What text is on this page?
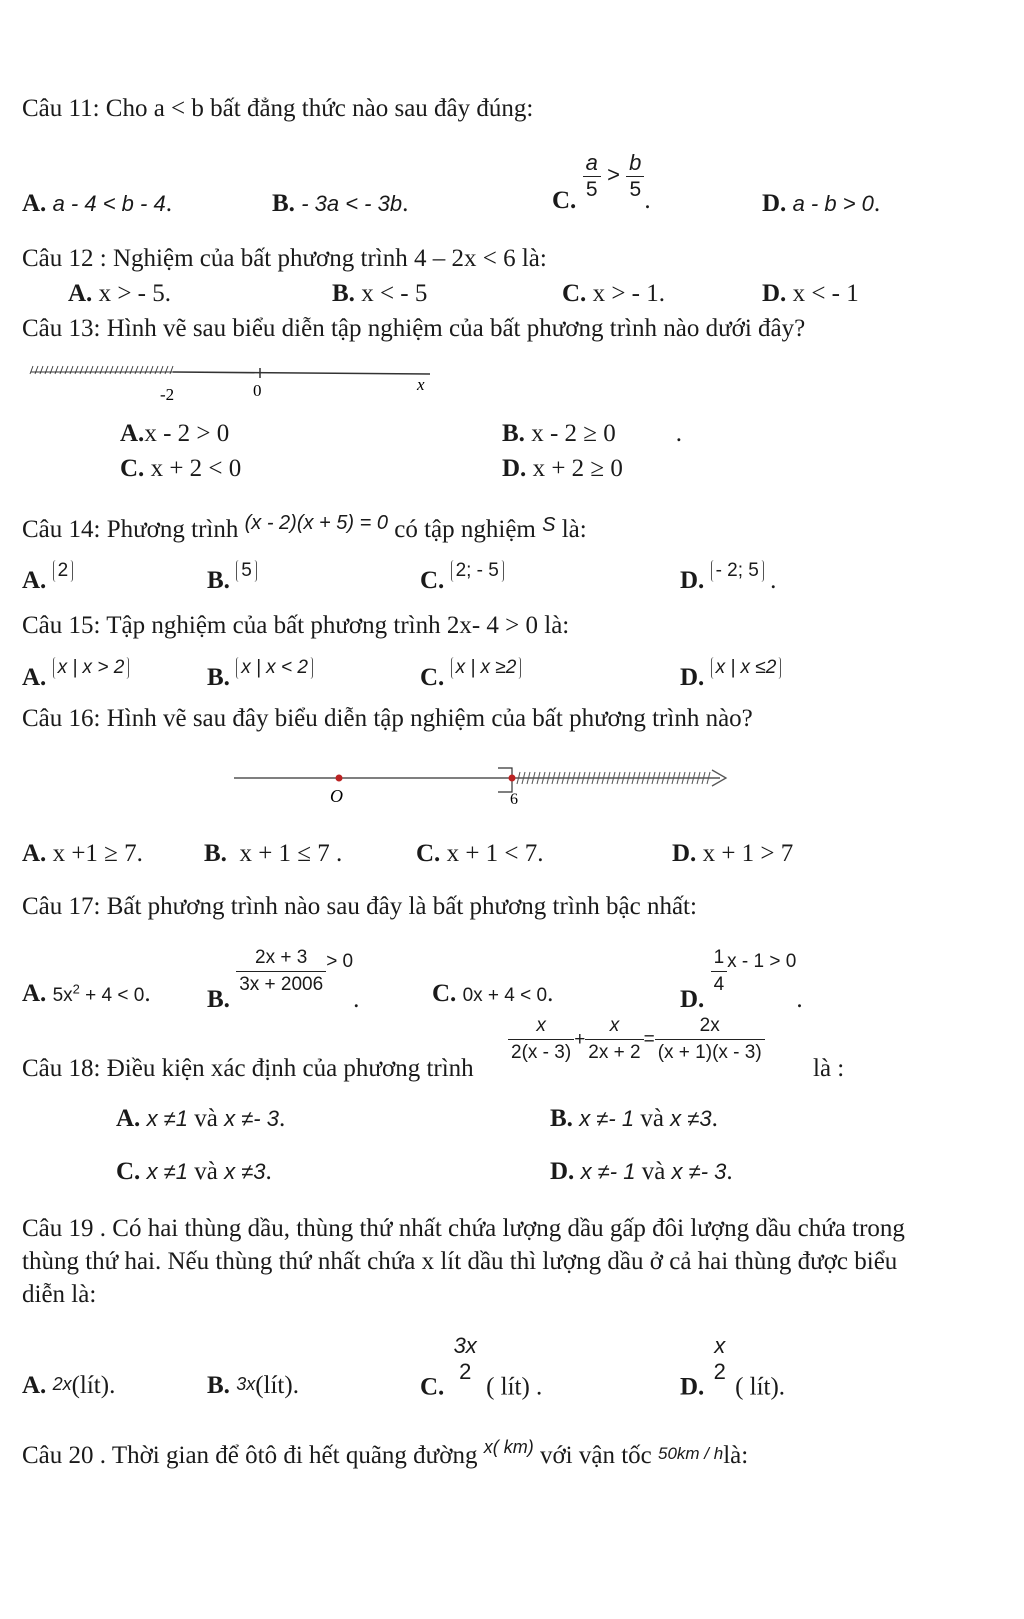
Câu 11: Cho a < b bất đẳng thức nào sau đây đúng:
A. a - 4 < b - 4.	B. - 3a < - 3b.	C. $\frac{a}{5} > \frac{b}{5}$ .	D. a - b > 0.
Câu 12 : Nghiệm của bất phương trình 4 – 2x < 6 là:
A. x > - 5.	B. x < - 5	C. x > - 1.	D. x < - 1
Câu 13: Hình vẽ sau biểu diễn tập nghiệm của bất phương trình nào dưới đây?
-2	0	x
A.x - 2 > 0	B. x - 2 ≥ 0 .
C. x + 2 < 0	D. x + 2 ≥ 0
Câu 14: Phương trình $^{(x - 2)(x + 5) = 0}$ có tập nghiệm $^S$ là:
A. 2	B. 5	C. 2; - 5	D. - 2; 5 .
Câu 15: Tập nghiệm của bất phương trình 2x- 4 > 0 là:
A. x | x > 2	B. x | x < 2	C. x | x ≥2	D. x | x ≤2
Câu 16: Hình vẽ sau đây biểu diễn tập nghiệm của bất phương trình nào?
O	6
A. x +1 ≥ 7. B. x + 1 ≤ 7 .	C. x + 1 < 7.	D. x + 1 > 7
Câu 17: Bất phương trình nào sau đây là bất phương trình bậc nhất:
A. $5x^2 + 4 < 0$. B.
$\frac{2x + 3}{3x + 2006} ^{> 0}$.	C. 0x + 4 < 0.	D.
$\frac{1}{4} ^{x - 1 > 0}$.
Câu 18: Điều kiện xác định của phương trình
$\frac{x}{2(x - 3)} + \frac{x}{2x + 2} = \frac{2x}{(x + 1)(x - 3)}$
là :
A. x ≠1 và x ≠- 3.	B. x ≠- 1 và x ≠3.
C. x ≠1 và x ≠3.	D. x ≠- 1 và x ≠- 3.
Câu 19 . Có hai thùng dầu, thùng thứ nhất chứa lượng dầu gấp đôi lượng dầu chứa trong
thùng thứ hai. Nếu thùng thứ nhất chứa x lít dầu thì lượng dầu ở cả hai thùng được biểu
diễn là:
A. 2x(lít).	B. 3x(lít).	C.
3x
2
( lít) .	D.
x
2
( lít).
Câu 20 . Thời gian để ôtô đi hết quãng đường $^{x( km)}$ với vận tốc 50km / hlà:
